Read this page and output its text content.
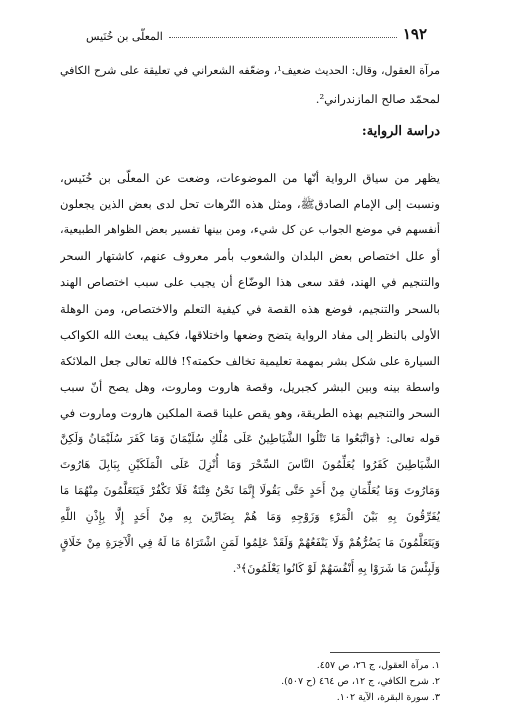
١٩٢
المعلّى بن خُنَيس
مرآة العقول، وقال: الحديث ضعيف¹، وضعّفه الشعراني في تعليقة على شرح الكافي
لمحمّد صالح المازندراني².
دراسة الرواية:
يظهر من سياق الرواية أنّها من الموضوعات، وضعت عن المعلّى بن خُنَيس،
ونسبت إلى الإمام الصادقﷺ، ومثل هذه التّرهات تحل لدى بعض الذين يجعلون
أنفسهم في موضع الجواب عن كل شيء، ومن بينها تفسير بعض الظواهر الطبيعية،
أو علل اختصاص بعض البلدان والشعوب بأمر معروف عنهم، كاشتهار السحر
والتنجيم في الهند، فقد سعى هذا الوضّاع أن يجيب على سبب اختصاص الهند
بالسحر والتنجيم، فوضع هذه القصة في كيفية التعلم والاختصاص، ومن الوهلة
الأولى بالنظر إلى مفاد الرواية يتضح وضعها واختلاقها، فكيف يبعث الله الكواكب
السيارة على شكل بشر بمهمة تعليمية تخالف حكمته؟! فالله تعالى جعل الملائكة
واسطة بينه وبين البشر كجبريل، وقصة هاروت وماروت، وهل يصح أنّ سبب
السحر والتنجيم بهذه الطريقة، وهو يقص علينا قصة الملكين هاروت وماروت في
قوله تعالى: ﴿وَاتَّبَعُوا مَا تَتْلُوا الشَّيَاطِينُ عَلَى مُلْكِ سُلَيْمَانَ وَمَا كَفَرَ سُلَيْمَانُ وَلَكِنَّ
الشَّيَاطِينَ كَفَرُوا يُعَلِّمُونَ النَّاسَ السِّحْرَ وَمَا أُنْزِلَ عَلَى الْمَلَكَيْنِ بِبَابِلَ هَارُوتَ
وَمَارُوتَ وَمَا يُعَلِّمَانِ مِنْ أَحَدٍ حَتَّى يَقُولَا إِنَّمَا نَحْنُ فِتْنَةٌ فَلَا تَكْفُرْ فَيَتَعَلَّمُونَ مِنْهُمَا مَا
يُفَرِّقُونَ بِهِ بَيْنَ الْمَرْءِ وَزَوْجِهِ وَمَا هُمْ بِضَارِّينَ بِهِ مِنْ أَحَدٍ إِلَّا بِإِذْنِ اللَّهِ
وَيَتَعَلَّمُونَ مَا يَضُرُّهُمْ وَلَا يَنْفَعُهُمْ وَلَقَدْ عَلِمُوا لَمَنِ اشْتَرَاهُ مَا لَهُ فِي الْآخِرَةِ مِنْ خَلَاقٍ
وَلَبِئْسَ مَا شَرَوْا بِهِ أَنْفُسَهُمْ لَوْ كَانُوا يَعْلَمُونَ﴾³.
١. مرآة العقول، ج ٢٦، ص ٤٥٧.
٢. شرح الكافي، ج ١٢، ص ٤٦٤ (ح ٥٠٧).
٣. سورة البقرة، الآية ١٠٢.
